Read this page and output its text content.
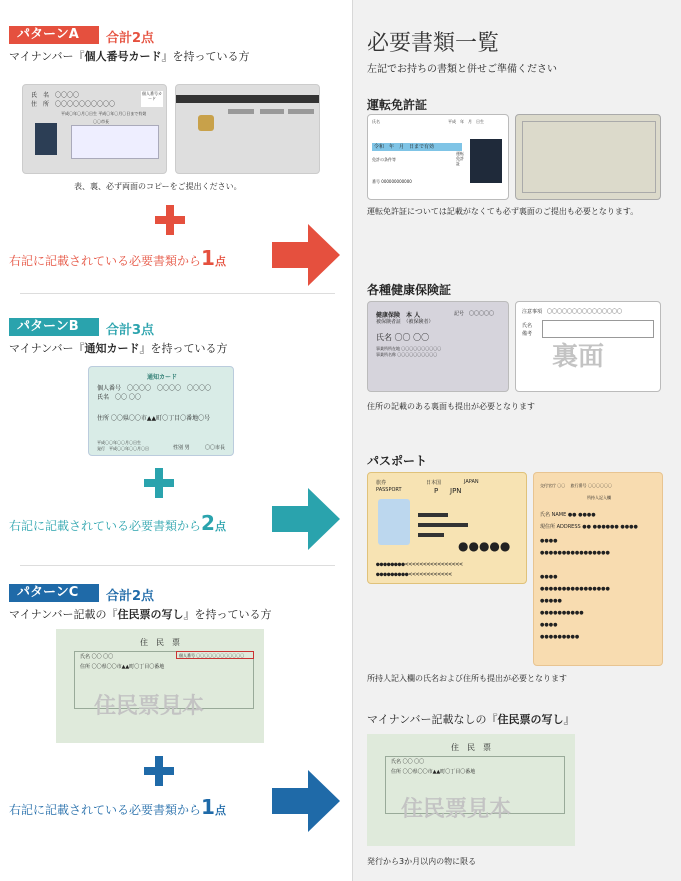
パターンA	合計2点
マイナンバー『個人番号カード』を持っている方
氏　名　〇〇〇〇
住　所　〇〇〇〇〇〇〇〇〇〇
個人番号カード
平成〇年〇月〇日生 平成〇年〇月〇日まで有効
〇〇市長
表、裏、必ず両面のコピーをご提出ください。
右記に記載されている必要書類から1点
パターンB	合計3点
マイナンバー『通知カード』を持っている方
通知カード
個人番号　〇〇〇〇　〇〇〇〇　〇〇〇〇
氏名　〇〇 〇〇
住所 〇〇県〇〇市▲▲町〇丁目〇番地〇号
平成〇〇年〇〇月〇日生
発行　平成〇〇年〇〇月〇日	性別 男	〇〇市長
右記に記載されている必要書類から2点
パターンC	合計2点
マイナンバー記載の『住民票の写し』を持っている方
住　民　票
氏名 〇〇 〇〇	個人番号 〇〇〇〇〇〇〇〇〇〇〇〇
住所 〇〇県〇〇市▲▲町〇丁目〇番地
住民票見本
右記に記載されている必要書類から1点
必要書類一覧
左記でお持ちの書類と併せご準備ください
運転免許証
氏名	平成　年　月　日生
令和　年　月　日まで有効
免許の条件等
番号 000000000000
運転免許証
運転免許証については記載がなくても必ず裏面のご提出も必要となります。
各種健康保険証
健康保険　本 人
被保険者証　（被保険者）
記号　〇〇〇〇〇
氏名 〇〇 〇〇
事業所所在地 〇〇〇〇〇〇〇〇〇〇
事業所名称 〇〇〇〇〇〇〇〇〇〇
注意事項　〇〇〇〇〇〇〇〇〇〇〇〇〇〇〇
氏名
備考
裏面
住所の記載のある裏面も提出が必要となります
パスポート
旅券	日本国	JAPAN
PASSPORT	P JPN
●●●●●
●●●●●●●●<<<<<<<<<<<<<<<<
●●●●●●●●●<<<<<<<<<<<<
交付官庁 〇〇 　旅行番号 〇〇〇〇〇〇
所持人記入欄
氏名 NAME ●● ●●●●
現住所 ADDRESS ●● ●●●●●● ●●●●
●●●●
●●●●●●●●●●●●●●●●

●●●●
●●●●●●●●●●●●●●●●
●●●●●
●●●●●●●●●●
●●●●
●●●●●●●●●
所持人記入欄の氏名および住所も提出が必要となります
マイナンバー記載なしの『住民票の写し』
住　民　票
氏名 〇〇 〇〇
住所 〇〇県〇〇市▲▲町〇丁目〇番地
住民票見本
発行から3か月以内の物に限る
